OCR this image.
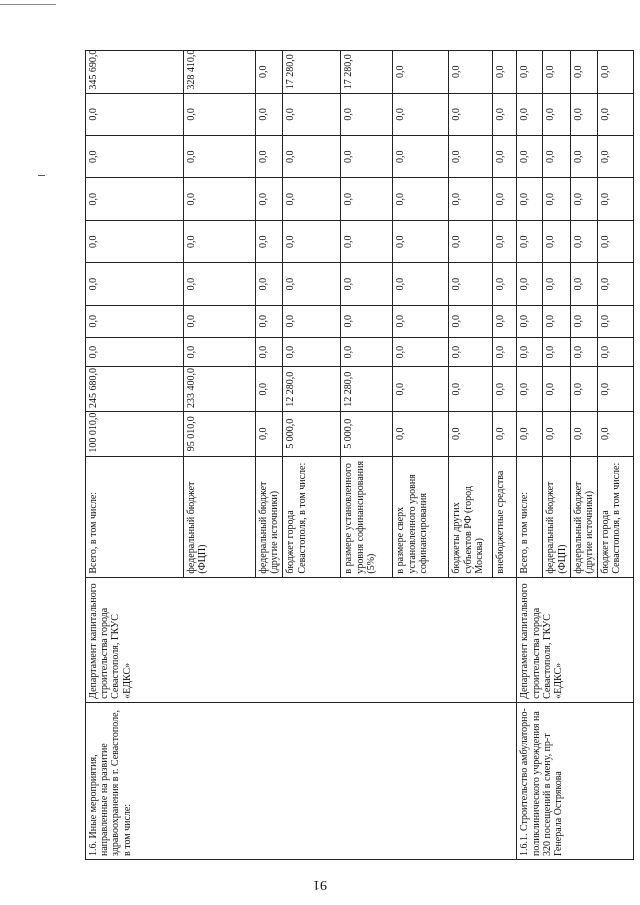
1.6. Иные мероприятия, направленные на развитие здравоохранения в г. Севастополе, в том числе:	Департамент капитального строительства города Севастополя, ГКУС «ЕДКС»	Всего, в том числе:	100 010,0	245 680,0	0,0	0,0	0,0	0,0	0,0	0,0	0,0	345 690,0
		федеральный бюджет (ФЦП)	95 010,0	233 400,0	0,0	0,0	0,0	0,0	0,0	0,0	0,0	328 410,0
		федеральный бюджет (другие источники)	0,0	0,0	0,0	0,0	0,0	0,0	0,0	0,0	0,0	0,0
		бюджет города Севастополя, в том числе:	5 000,0	12 280,0	0,0	0,0	0,0	0,0	0,0	0,0	0,0	17 280,0
		в размере установленного уровня софинансирования (5%)	5 000,0	12 280,0	0,0	0,0	0,0	0,0	0,0	0,0	0,0	17 280,0
		в размере сверх установленного уровня софинансирования	0,0	0,0	0,0	0,0	0,0	0,0	0,0	0,0	0,0	0,0
		бюджеты других субъектов РФ (город Москва)	0,0	0,0	0,0	0,0	0,0	0,0	0,0	0,0	0,0	0,0
		внебюджетные средства	0,0	0,0	0,0	0,0	0,0	0,0	0,0	0,0	0,0	0,0
1.6.1. Строительство амбулаторно-поликлинического учреждения на 320 посещений в смену, пр-т Генерала Острякова	Департамент капитального строительства города Севастополя, ГКУС «ЕДКС»	Всего, в том числе:	0,0	0,0	0,0	0,0	0,0	0,0	0,0	0,0	0,0	0,0
		федеральный бюджет (ФЦП)	0,0	0,0	0,0	0,0	0,0	0,0	0,0	0,0	0,0	0,0
		федеральный бюджет (другие источники)	0,0	0,0	0,0	0,0	0,0	0,0	0,0	0,0	0,0	0,0
		бюджет города Севастополя, в том числе:	0,0	0,0	0,0	0,0	0,0	0,0	0,0	0,0	0,0	0,0
91
